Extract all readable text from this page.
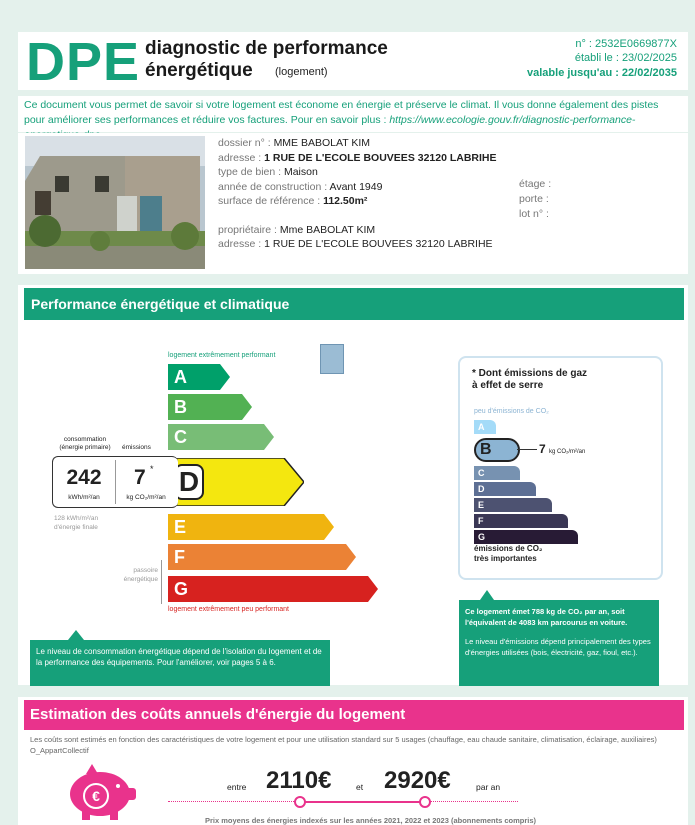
DPE diagnostic de performance
énergétique (logement)
n° : 2532E0669877X
établi le : 23/02/2025
valable jusqu'au : 22/02/2035
Ce document vous permet de savoir si votre logement est économe en énergie et préserve le climat. Il vous donne également des pistes pour améliorer ses performances et réduire vos factures. Pour en savoir plus : https://www.ecologie.gouv.fr/diagnostic-performance-
dossier n° : MME BABOLAT KIM
adresse : 1 RUE DE L'ECOLE BOUVEES 32120 LABRIHE
type de bien : Maison
année de construction : Avant 1949
surface de référence : 112.50m²
étage :
porte :
lot n° :
propriétaire : Mme BABOLAT KIM
adresse : 1 RUE DE L'ECOLE BOUVEES 32120 LABRIHE
Performance énergétique et climatique
logement extrêmement performant
A
B
C
D
E
F
G
logement extrêmement peu performant
consommation
(énergie primaire)	émissions
242
kWh/m²/an
7 *
kg CO₂/m²/an
128 kWh/m²/an
d'énergie finale
passoire
énergétique
Le niveau de consommation énergétique dépend de l'isolation du logement et de la performance des équipements. Pour l'améliorer, voir pages 5 à 6.
* Dont émissions de gaz
à effet de serre
peu d'émissions de CO₂
A
B
C
D
E
F
G
7 kg CO₂/m²/an
émissions de CO₂
très importantes
Ce logement émet 788 kg de CO₂ par an, soit l'équivalent de 4083 km parcourus en voiture.
Le niveau d'émissions dépend principalement des types d'énergies utilisées (bois, électricité, gaz, fioul, etc.).
Estimation des coûts annuels d'énergie du logement
Les coûts sont estimés en fonction des caractéristiques de votre logement et pour une utilisation standard sur 5 usages (chauffage, eau chaude sanitaire, climatisation, éclairage, auxiliaires) O_AppartCollectif
€
entre 2110€	et 2920€	par an
Prix moyens des énergies indexés sur les années 2021, 2022 et 2023 (abonnements compris)
